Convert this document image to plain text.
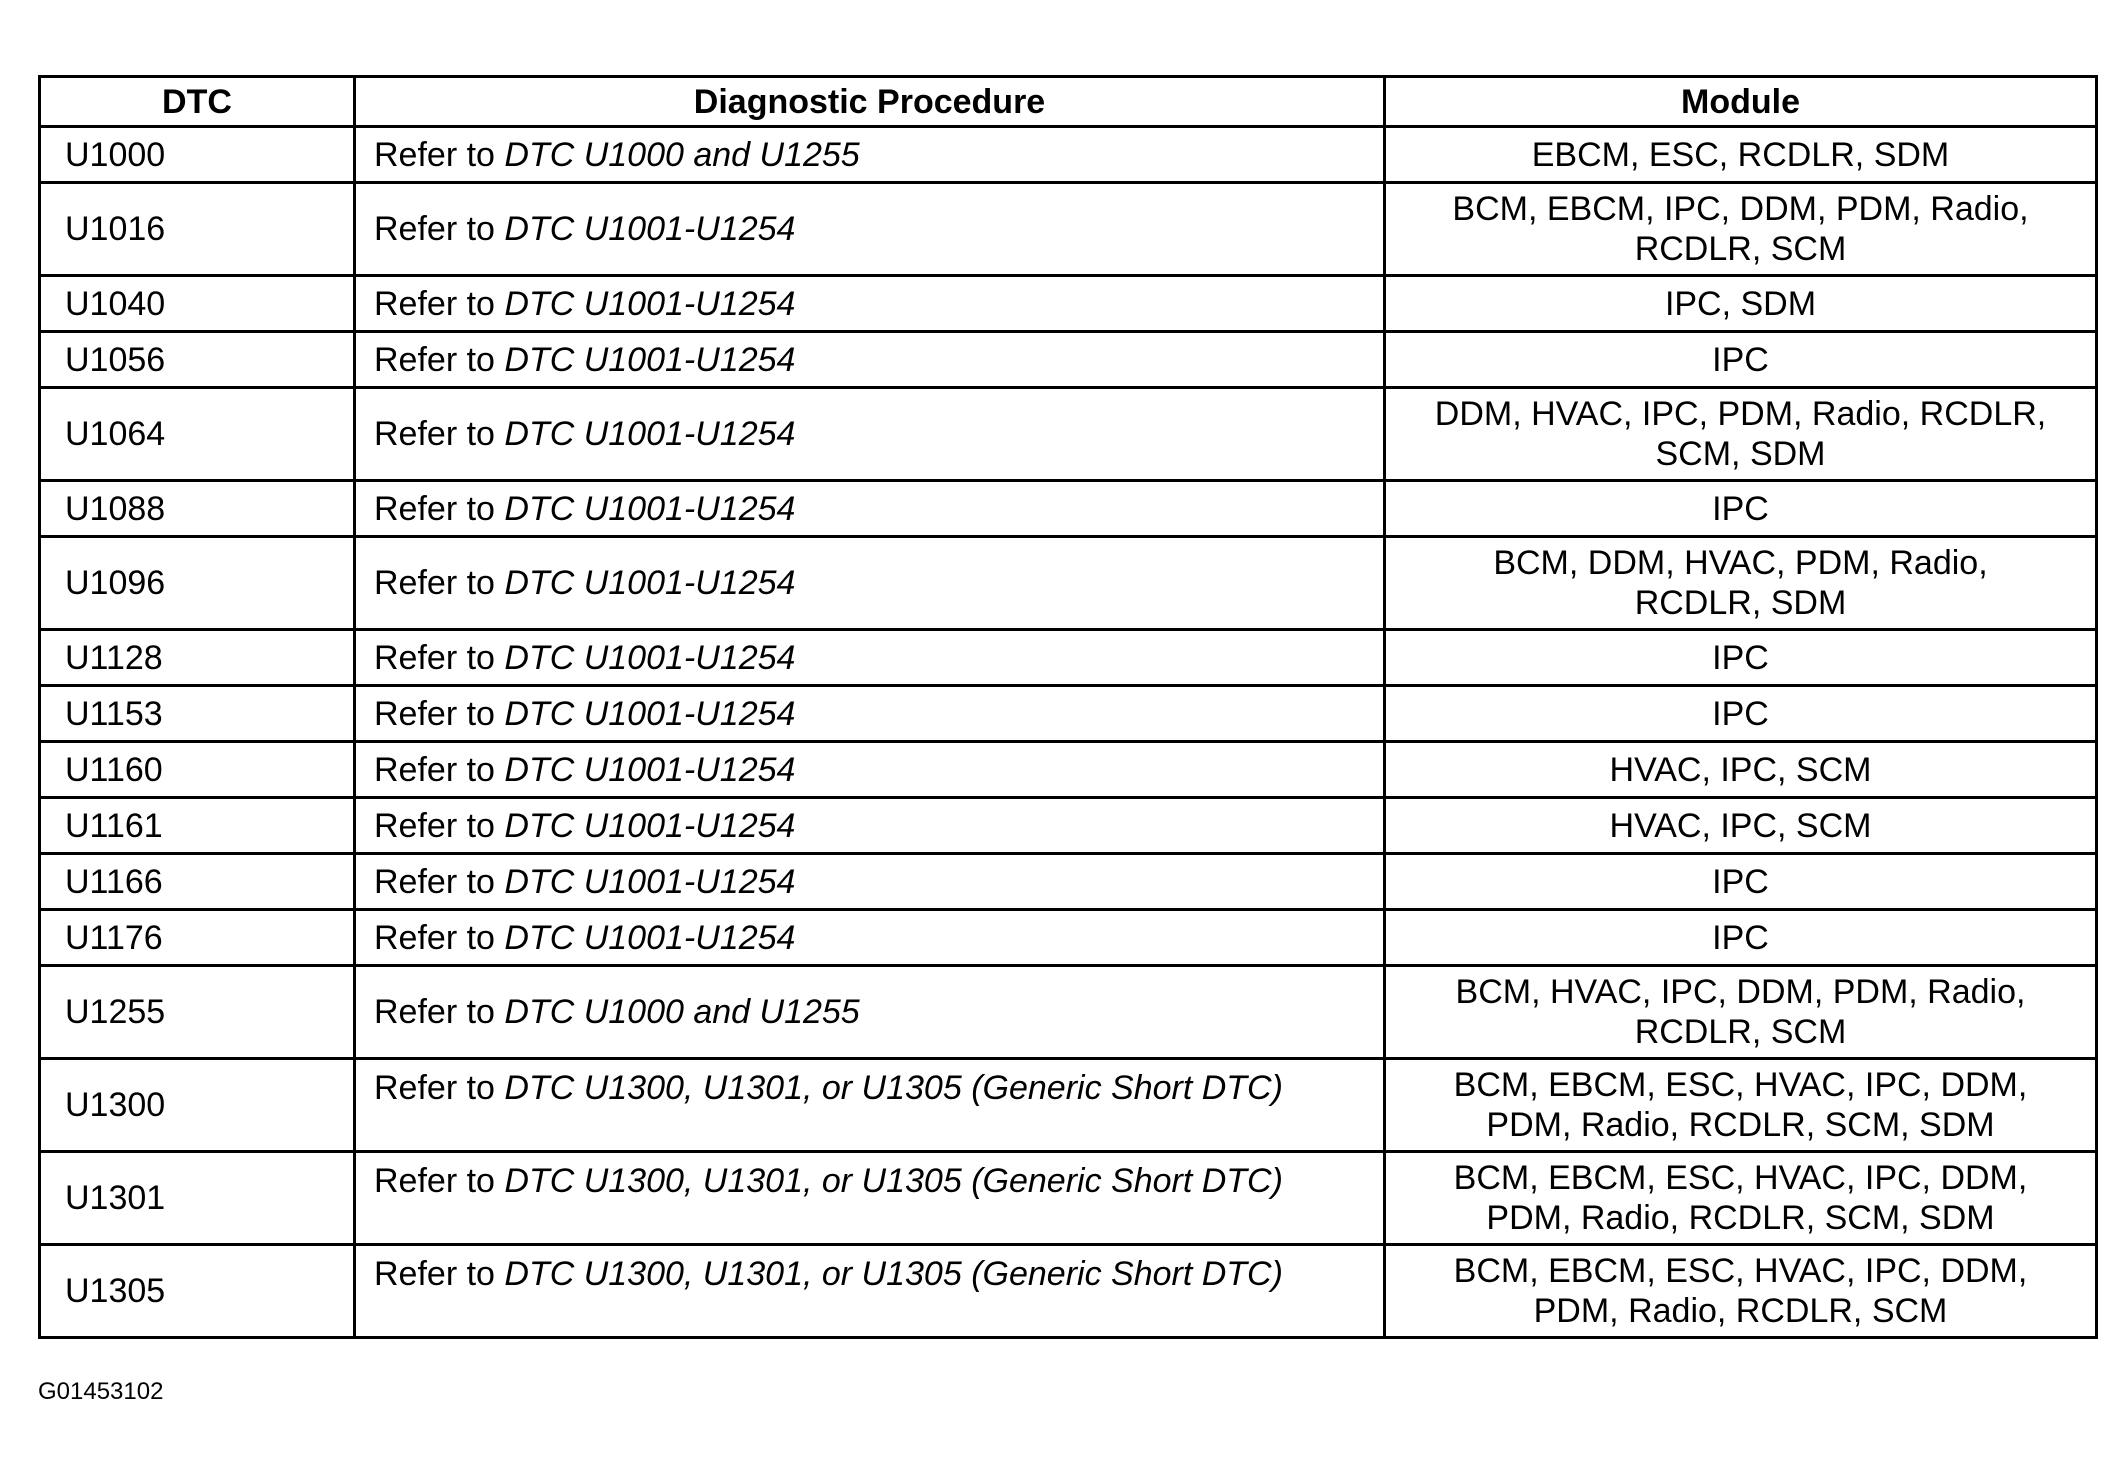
DTC	Diagnostic Procedure	Module
U1000	Refer to DTC U1000 and U1255	EBCM, ESC, RCDLR, SDM
U1016	Refer to DTC U1001-U1254	BCM, EBCM, IPC, DDM, PDM, Radio,
RCDLR, SCM
U1040	Refer to DTC U1001-U1254	IPC, SDM
U1056	Refer to DTC U1001-U1254	IPC
U1064	Refer to DTC U1001-U1254	DDM, HVAC, IPC, PDM, Radio, RCDLR,
SCM, SDM
U1088	Refer to DTC U1001-U1254	IPC
U1096	Refer to DTC U1001-U1254	BCM, DDM, HVAC, PDM, Radio,
RCDLR, SDM
U1128	Refer to DTC U1001-U1254	IPC
U1153	Refer to DTC U1001-U1254	IPC
U1160	Refer to DTC U1001-U1254	HVAC, IPC, SCM
U1161	Refer to DTC U1001-U1254	HVAC, IPC, SCM
U1166	Refer to DTC U1001-U1254	IPC
U1176	Refer to DTC U1001-U1254	IPC
U1255	Refer to DTC U1000 and U1255	BCM, HVAC, IPC, DDM, PDM, Radio,
RCDLR, SCM
U1300	Refer to DTC U1300, U1301, or U1305 (Generic Short DTC)	BCM, EBCM, ESC, HVAC, IPC, DDM,
PDM, Radio, RCDLR, SCM, SDM
U1301	Refer to DTC U1300, U1301, or U1305 (Generic Short DTC)	BCM, EBCM, ESC, HVAC, IPC, DDM,
PDM, Radio, RCDLR, SCM, SDM
U1305	Refer to DTC U1300, U1301, or U1305 (Generic Short DTC)	BCM, EBCM, ESC, HVAC, IPC, DDM,
PDM, Radio, RCDLR, SCM
G01453102
